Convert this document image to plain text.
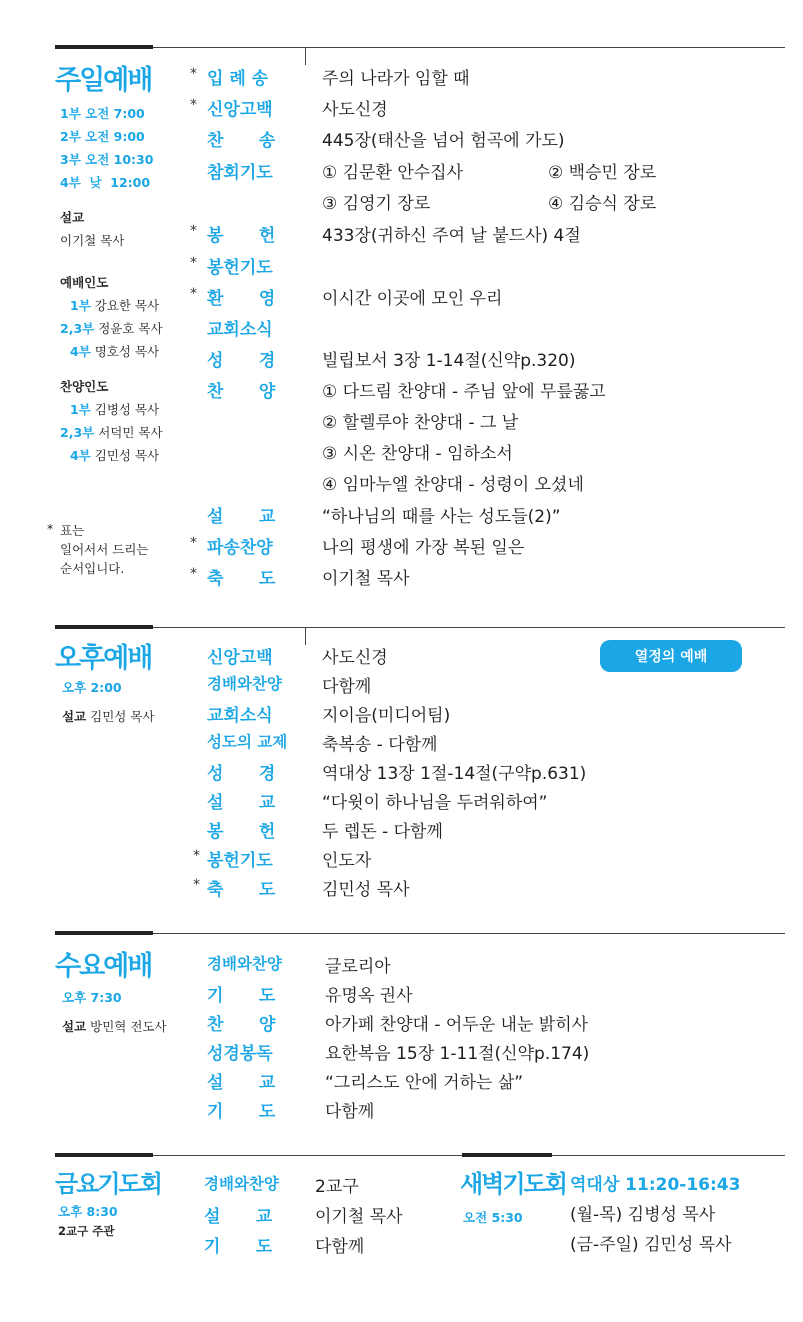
주일예배
1부 오전 7:00
2부 오전 9:00
3부 오전 10:30
4부  낮  12:00
설교
이기철 목사
예배인도
1부 강요한 목사
2,3부 정윤호 목사
4부 명호성 목사
찬양인도
1부 김병성 목사
2,3부 서덕민 목사
4부 김민성 목사
* 표는
일어서서 드리는
순서입니다.
* 입 례 송	주의 나라가 임할 때
* 신앙고백	사도신경
찬      송	445장(태산을 넘어 험곡에 가도)
참회기도	① 김문환 안수집사	② 백승민 장로
③ 김영기 장로	④ 김승식 장로
* 봉      헌	433장(귀하신 주여 날 붙드사) 4절
* 봉헌기도
* 환      영	이시간 이곳에 모인 우리
교회소식
성      경	빌립보서 3장 1-14절(신약p.320)
찬      양	① 다드림 찬양대 - 주님 앞에 무릎꿇고
② 할렐루야 찬양대 - 그 날
③ 시온 찬양대 - 임하소서
④ 임마누엘 찬양대 - 성령이 오셨네
설      교	“하나님의 때를 사는 성도들(2)”
* 파송찬양	나의 평생에 가장 복된 일은
* 축      도	이기철 목사
오후예배
오후 2:00
설교 김민성 목사
열정의 예배
신앙고백	사도신경
경배와찬양 다함께
교회소식	지이음(미디어팀)
성도의 교제 축복송 - 다함께
성      경	역대상 13장 1절-14절(구약p.631)
설      교	“다윗이 하나님을 두려워하여”
봉      헌	두 렙돈 - 다함께
* 봉헌기도	인도자
* 축      도	김민성 목사
수요예배
오후 7:30
설교 방민혁 전도사
경배와찬양	글로리아
기      도	유명옥 권사
찬      양	아가페 찬양대 - 어두운 내눈 밝히사
성경봉독	요한복음 15장 1-11절(신약p.174)
설      교	“그리스도 안에 거하는 삶”
기      도	다함께
금요기도회
오후 8:30
2교구 주관
경배와찬양 2교구
설      교	이기철 목사
기      도	다함께
새벽기도회
오전 5:30
역대상 11:20-16:43
(월-목) 김병성 목사
(금-주일) 김민성 목사
